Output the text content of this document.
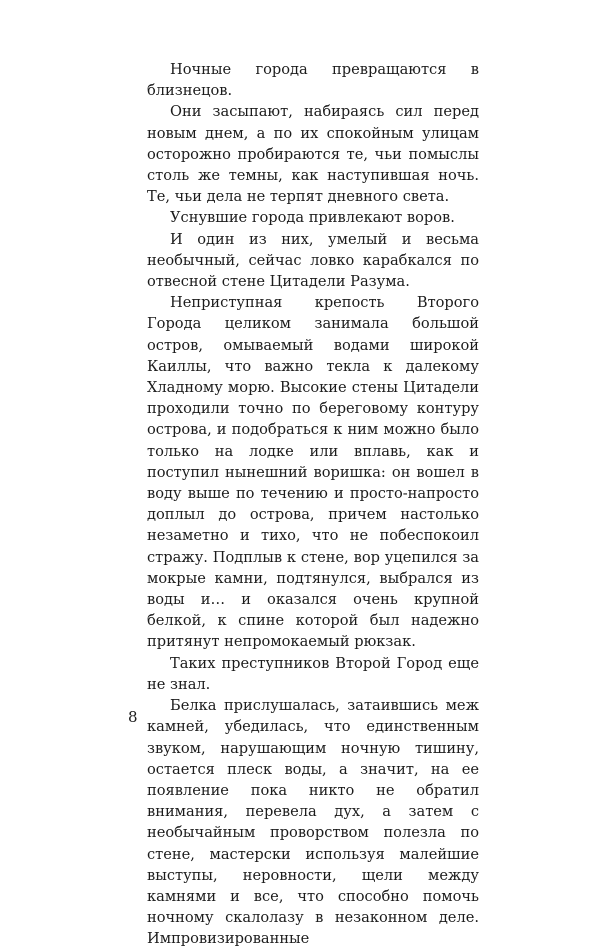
Ночные города превращаются в близнецов.

Они засыпают, набираясь сил перед новым днем, а по их спокойным улицам осторожно пробираются те, чьи помыслы столь же темны, как наступившая ночь. Те, чьи дела не терпят дневного света.

Уснувшие города привлекают воров.

И один из них, умелый и весьма необычный, сейчас ловко карабкался по отвесной стене Цитадели Разума.

Неприступная крепость Второго Города целиком занимала большой остров, омываемый водами широкой Каиллы, что важно текла к далекому Хладному морю. Высокие стены Цитадели проходили точно по береговому контуру острова, и подобраться к ним можно было только на лодке или вплавь, как и поступил нынешний воришка: он вошел в воду выше по течению и просто-напросто доплыл до острова, причем настолько незаметно и тихо, что не побеспокоил стражу. Подплыв к стене, вор уцепился за мокрые камни, подтянулся, выбрался из воды и… и оказался очень крупной белкой, к спине которой был надежно притянут непромокаемый рюкзак.

Таких преступников Второй Город еще не знал.

Белка прислушалась, затаившись меж камней, убедилась, что единственным звуком, нарушающим ночную тишину, остается плеск воды, а значит, на ее появление пока никто не обратил внимания, перевела дух, а затем с необычайным проворством полезла по стене, мастерски используя малейшие выступы, неровности, щели между камнями и все, что способно помочь ночному скалолазу в незаконном деле. Импровизированные

8
